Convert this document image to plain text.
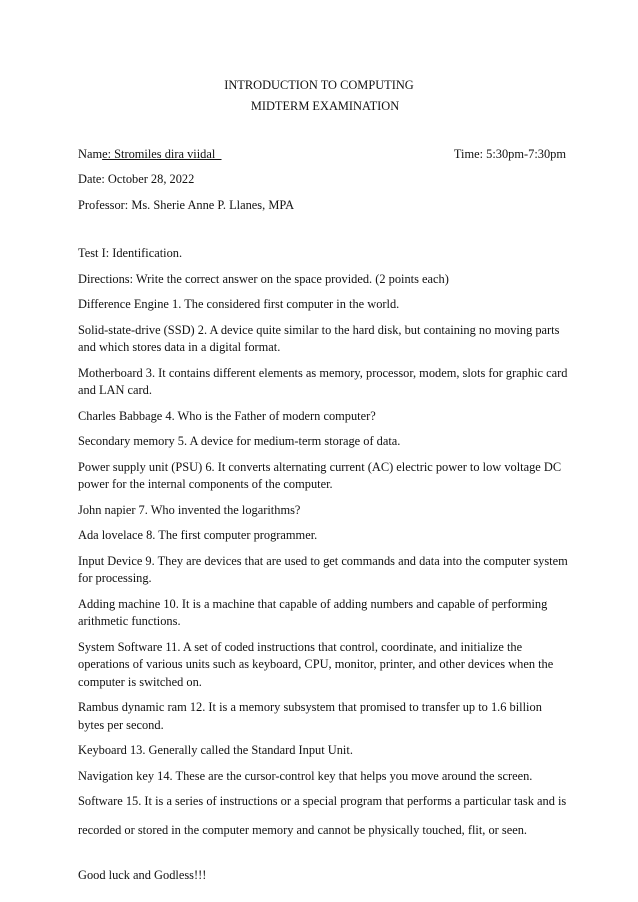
INTRODUCTION TO COMPUTING
MIDTERM EXAMINATION
Name: Stromiles dira viidal	Time: 5:30pm-7:30pm
Date: October 28, 2022
Professor: Ms. Sherie Anne P. Llanes, MPA
Test I: Identification.
Directions: Write the correct answer on the space provided. (2 points each)
Difference Engine 1. The considered first computer in the world.
Solid-state-drive (SSD) 2. A device quite similar to the hard disk, but containing no moving parts and which stores data in a digital format.
Motherboard 3. It contains different elements as memory, processor, modem, slots for graphic card and LAN card.
Charles Babbage 4. Who is the Father of modern computer?
Secondary memory 5. A device for medium-term storage of data.
Power supply unit (PSU) 6. It converts alternating current (AC) electric power to low voltage DC power for the internal components of the computer.
John napier 7. Who invented the logarithms?
Ada lovelace 8. The first computer programmer.
Input Device 9. They are devices that are used to get commands and data into the computer system for processing.
Adding machine 10. It is a machine that capable of adding numbers and capable of performing arithmetic functions.
System Software 11. A set of coded instructions that control, coordinate, and initialize the operations of various units such as keyboard, CPU, monitor, printer, and other devices when the computer is switched on.
Rambus dynamic ram 12. It is a memory subsystem that promised to transfer up to 1.6 billion bytes per second.
Keyboard 13. Generally called the Standard Input Unit.
Navigation key 14. These are the cursor-control key that helps you move around the screen.
Software 15. It is a series of instructions or a special program that performs a particular task and is
recorded or stored in the computer memory and cannot be physically touched, flit, or seen.
Good luck and Godless!!!
